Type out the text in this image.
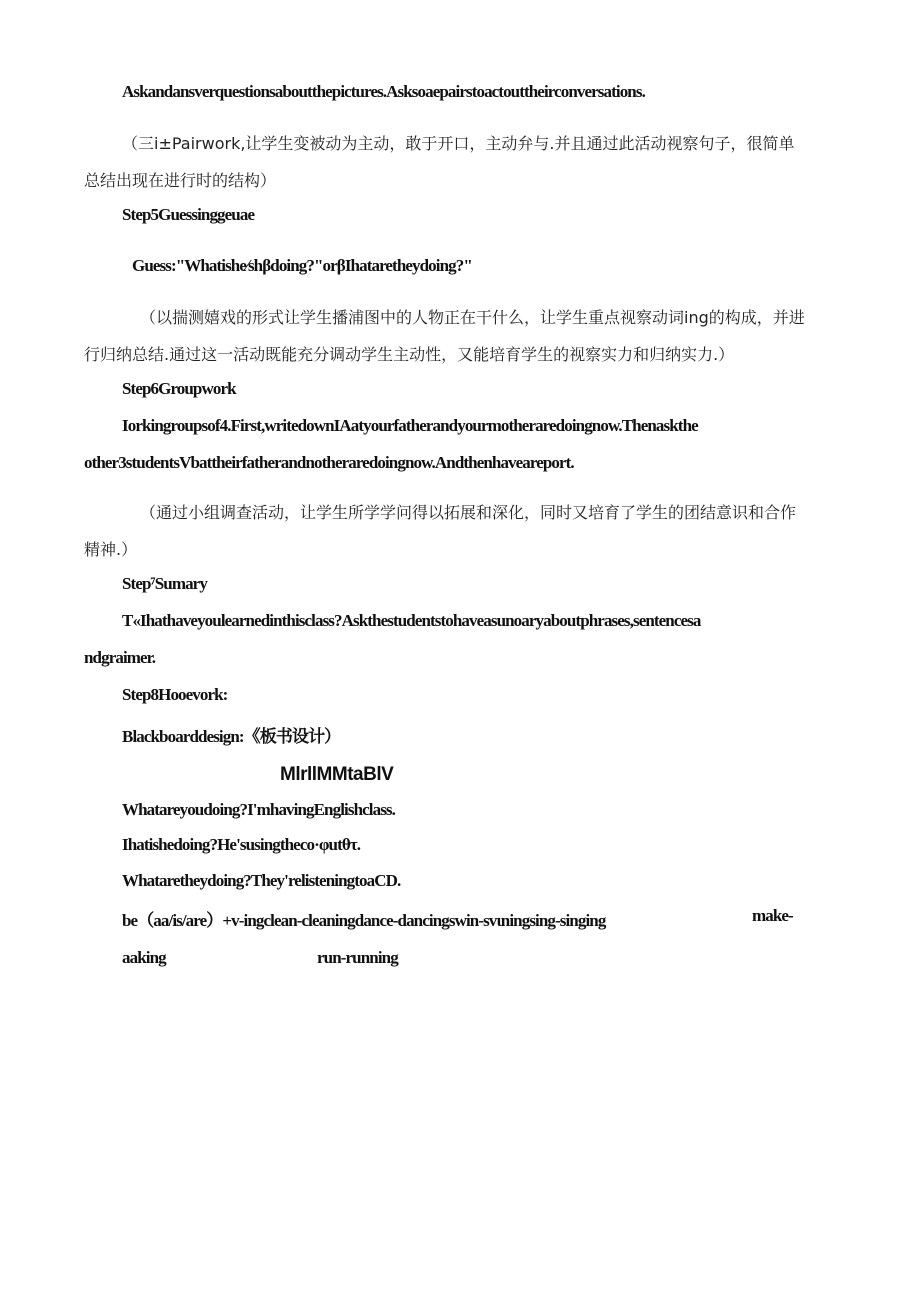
Askandansverquestionsaboutthepictures.Asksoaepairstoactouttheirconversations.
（三i±Pairwork,让学生变被动为主动，敢于开口，主动弁与.并且通过此活动视察句子，很简单
总结出现在进行时的结构）
Step5Guessinggeuae
Guess:"Whatishe∕shβdoing?"orβIhataretheydoing?"
（以揣测嬉戏的形式让学生播浦图中的人物正在干什么，让学生重点视察动词ing的构成，并进
行归纳总结.通过这一活动既能充分调动学生主动性，又能培育学生的视察实力和归纳实力.）
Step6Groupwork
Iorkingroupsof4.First,writedownIAatyourfatherandyourmotheraredoingnow.Thenaskthe
other3studentsVbattheirfatherandnotheraredoingnow.Andthenhaveareport.
（通过小组调查活动，让学生所学学问得以拓展和深化，同时又培育了学生的团结意识和合作
精神.）
Step⁷Sumary
T«Ihathaveyoulearnedinthisclass?Askthestudentstohaveasunoaryaboutphrases,sentencesa
ndgraimer.
Step8Hooevork:
Blackboarddesign:《板书设计）
MlrllMMtaBlV
Whatareyoudoing?I'mhavingEnglishclass.
Ihatishedoing?He'susingtheco·φutθτ.
Whataretheydoing?They'relisteningtoaCD.
be（aa/is/are）+v-ingclean-cleaningdance-dancingswin-svιningsing-singing	make-
aaking	run-running
